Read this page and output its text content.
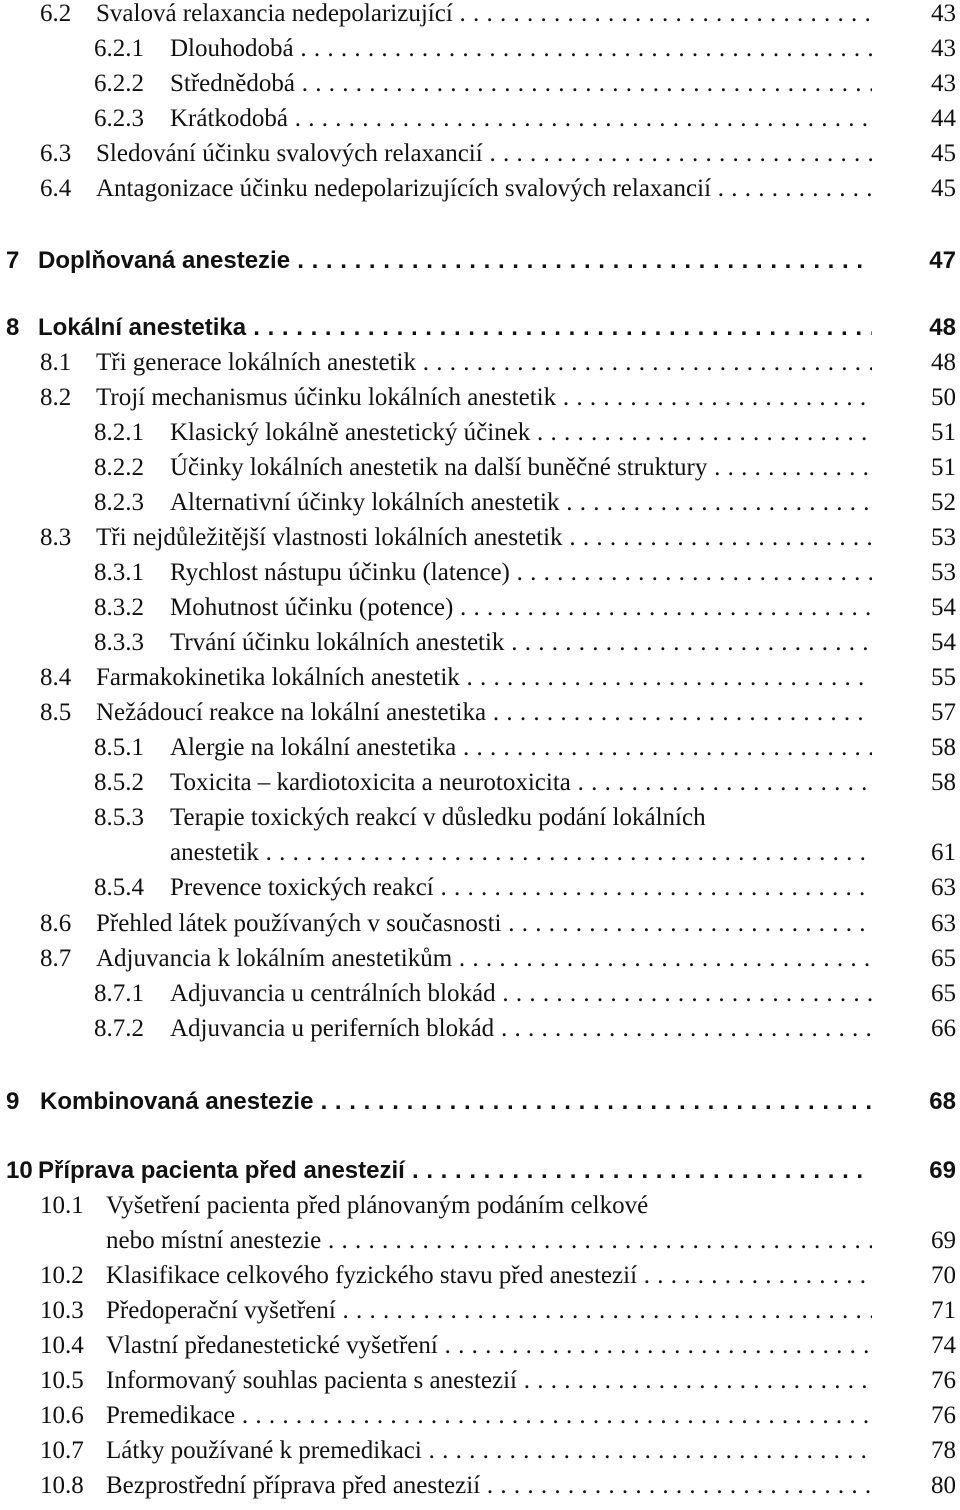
6.2 Svalová relaxancia nedepolarizující . . .	43
6.2.1 Dlouhodobá . . .	43
6.2.2 Střednědobá . . .	43
6.2.3 Krátkodobá . . .	44
6.3 Sledování účinku svalových relaxancií . . .	45
6.4 Antagonizace účinku nedepolarizujících svalových relaxancií . . .	45
7 Doplňovaná anestezie . . .	47
8 Lokální anestetika . . .	48
8.1 Tři generace lokálních anestetik . . .	48
8.2 Trojí mechanismus účinku lokálních anestetik . . .	50
8.2.1 Klasický lokálně anestetický účinek . . .	51
8.2.2 Účinky lokálních anestetik na další buněčné struktury . . .	51
8.2.3 Alternativní účinky lokálních anestetik . . .	52
8.3 Tři nejdůležitější vlastnosti lokálních anestetik . . .	53
8.3.1 Rychlost nástupu účinku (latence) . . .	53
8.3.2 Mohutnost účinku (potence) . . .	54
8.3.3 Trvání účinku lokálních anestetik . . .	54
8.4 Farmakokinetika lokálních anestetik . . .	55
8.5 Nežádoucí reakce na lokální anestetika . . .	57
8.5.1 Alergie na lokální anestetika . . .	58
8.5.2 Toxicita – kardiotoxicita a neurotoxicita . . .	58
8.5.3 Terapie toxických reakcí v důsledku podání lokálních
anestetik . . .	61
8.5.4 Prevence toxických reakcí . . .	63
8.6 Přehled látek používaných v současnosti . . .	63
8.7 Adjuvancia k lokálním anestetikům . . .	65
8.7.1 Adjuvancia u centrálních blokád . . .	65
8.7.2 Adjuvancia u periferních blokád . . .	66
9 Kombinovaná anestezie . . .	68
10 Příprava pacienta před anestezií . . .	69
10.1 Vyšetření pacienta před plánovaným podáním celkové
nebo místní anestezie . . .	69
10.2 Klasifikace celkového fyzického stavu před anestezií . . .	70
10.3 Předoperační vyšetření . . .	71
10.4 Vlastní předanestetické vyšetření . . .	74
10.5 Informovaný souhlas pacienta s anestezií . . .	76
10.6 Premedikace . . .	76
10.7 Látky používané k premedikaci . . .	78
10.8 Bezprostřední příprava před anestezií . . .	80
